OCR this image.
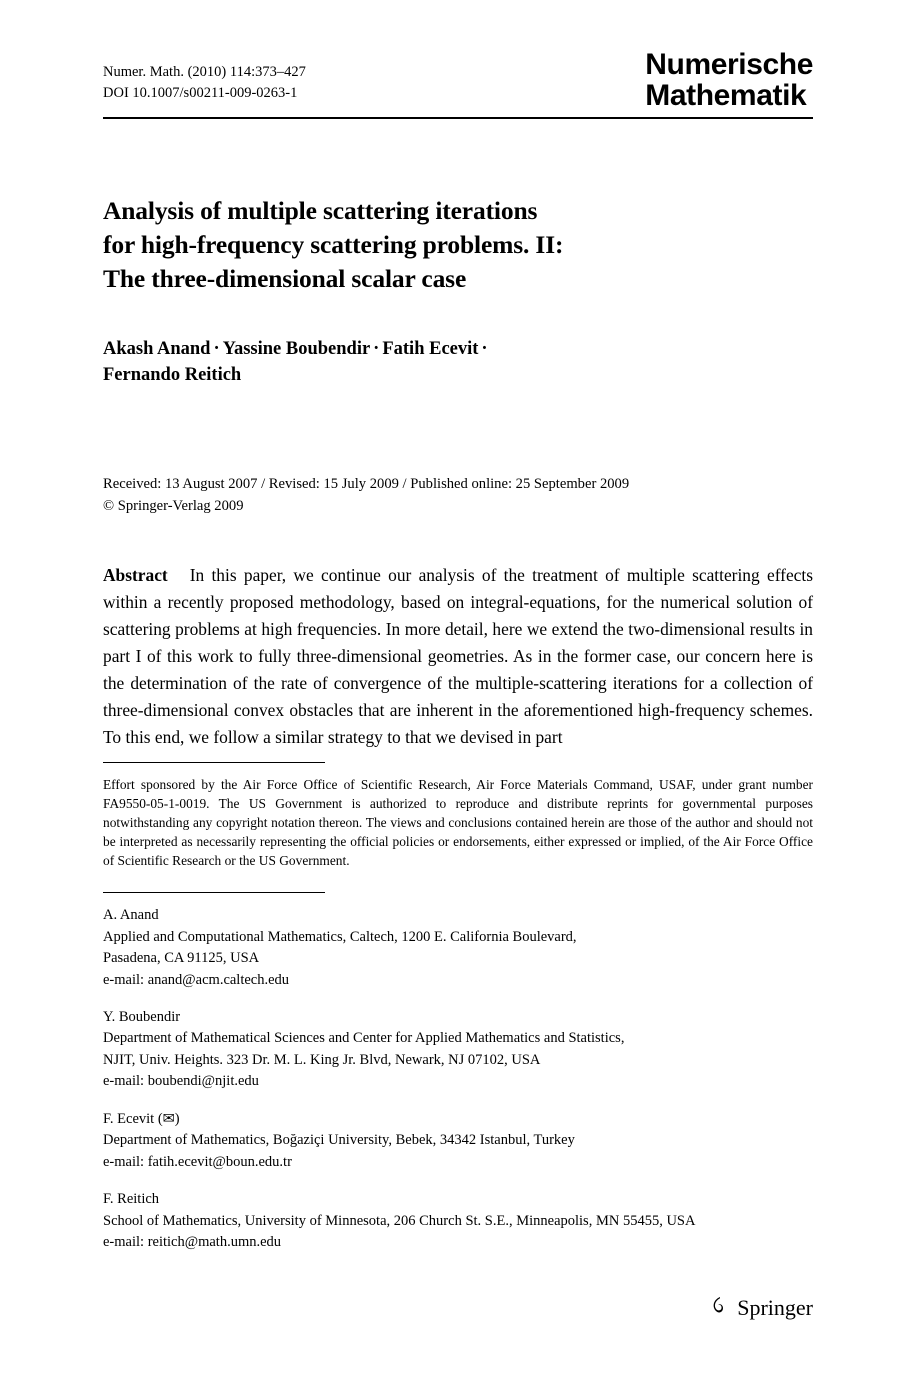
Numer. Math. (2010) 114:373–427
DOI 10.1007/s00211-009-0263-1
Numerische
Mathematik
Analysis of multiple scattering iterations
for high-frequency scattering problems. II:
The three-dimensional scalar case
Akash Anand · Yassine Boubendir · Fatih Ecevit ·
Fernando Reitich
Received: 13 August 2007 / Revised: 15 July 2009 / Published online: 25 September 2009
© Springer-Verlag 2009
Abstract In this paper, we continue our analysis of the treatment of multiple scattering effects within a recently proposed methodology, based on integral-equations, for the numerical solution of scattering problems at high frequencies. In more detail, here we extend the two-dimensional results in part I of this work to fully three-dimensional geometries. As in the former case, our concern here is the determination of the rate of convergence of the multiple-scattering iterations for a collection of three-dimensional convex obstacles that are inherent in the aforementioned high-frequency schemes. To this end, we follow a similar strategy to that we devised in part
Effort sponsored by the Air Force Office of Scientific Research, Air Force Materials Command, USAF, under grant number FA9550-05-1-0019. The US Government is authorized to reproduce and distribute reprints for governmental purposes notwithstanding any copyright notation thereon. The views and conclusions contained herein are those of the author and should not be interpreted as necessarily representing the official policies or endorsements, either expressed or implied, of the Air Force Office of Scientific Research or the US Government.
A. Anand
Applied and Computational Mathematics, Caltech, 1200 E. California Boulevard,
Pasadena, CA 91125, USA
e-mail: anand@acm.caltech.edu
Y. Boubendir
Department of Mathematical Sciences and Center for Applied Mathematics and Statistics,
NJIT, Univ. Heights. 323 Dr. M. L. King Jr. Blvd, Newark, NJ 07102, USA
e-mail: boubendi@njit.edu
F. Ecevit (✉)
Department of Mathematics, Boğaziçi University, Bebek, 34342 Istanbul, Turkey
e-mail: fatih.ecevit@boun.edu.tr
F. Reitich
School of Mathematics, University of Minnesota, 206 Church St. S.E., Minneapolis, MN 55455, USA
e-mail: reitich@math.umn.edu
Springer
